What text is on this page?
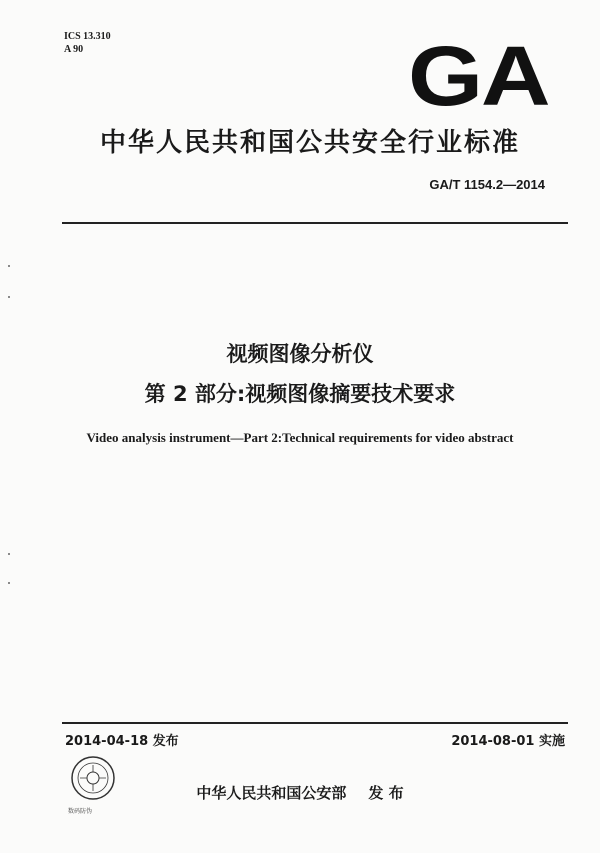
ICS 13.310
A 90	GA
中华人民共和国公共安全行业标准
GA/T 1154.2—2014
视频图像分析仪
第 2 部分:视频图像摘要技术要求
Video analysis instrument—Part 2:Technical requirements for video abstract
2014-04-18 发布	2014-08-01 实施
数码防伪
中华人民共和国公安部 发 布
